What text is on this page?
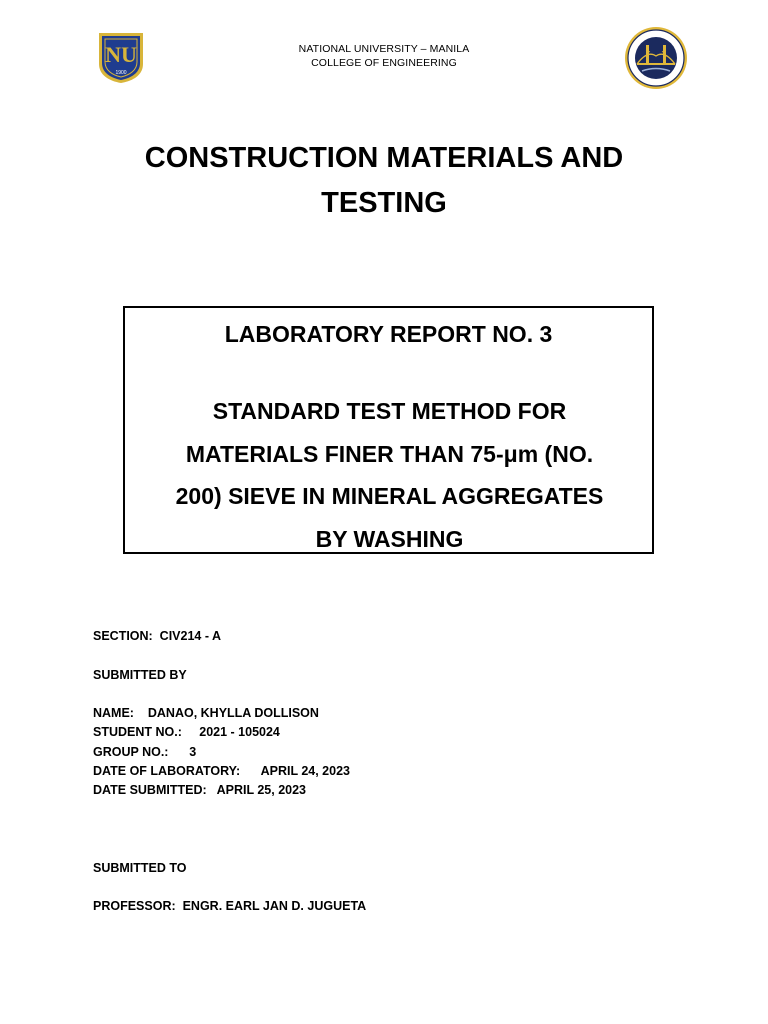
NU
1900
NATIONAL UNIVERSITY – MANILA
COLLEGE OF ENGINEERING
CONSTRUCTION MATERIALS AND
TESTING
LABORATORY REPORT NO. 3
STANDARD TEST METHOD FOR
MATERIALS FINER THAN 75-μm (NO.
200) SIEVE IN MINERAL AGGREGATES
BY WASHING
SECTION:  CIV214 - A
SUBMITTED BY
NAME:    DANAO, KHYLLA DOLLISON
STUDENT NO.:     2021 - 105024
GROUP NO.:      3
DATE OF LABORATORY:      APRIL 24, 2023
DATE SUBMITTED:   APRIL 25, 2023
SUBMITTED TO
PROFESSOR:  ENGR. EARL JAN D. JUGUETA
